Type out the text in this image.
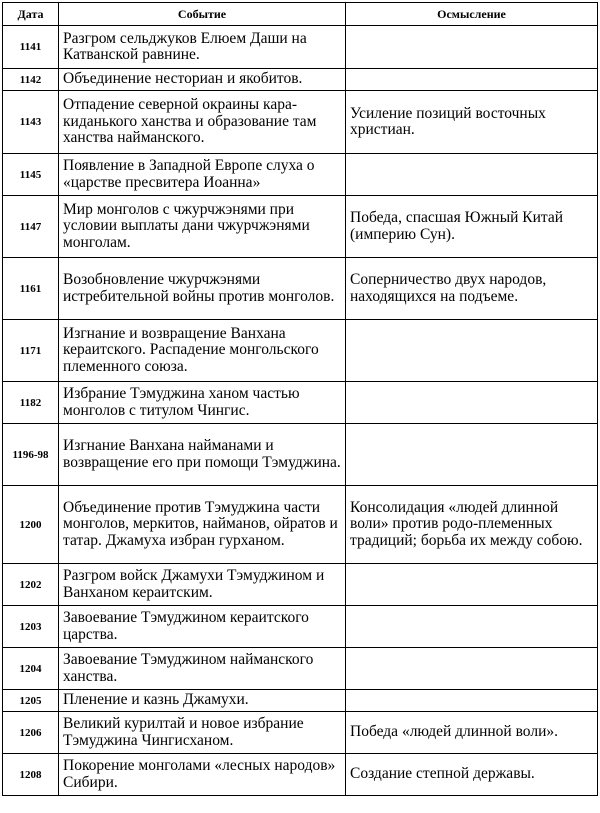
Дата	Событие	Осмысление
1141	Разгром сельджуков Елюем Даши на Катванской равнине.	
1142	Объединение несториан и якобитов.	
1143	Отпадение северной окраины кара-киданького ханства и образование там ханства найманского.	Усиление позиций восточных христиан.
1145	Появление в Западной Европе слуха о «царстве пресвитера Иоанна»	
1147	Мир монголов с чжурчжэнями при условии выплаты дани чжурчжэнями монголам.	Победа, спасшая Южный Китай (империю Сун).
1161	Возобновление чжурчжэнями истребительной войны против монголов.	Соперничество двух народов, находящихся на подъеме.
1171	Изгнание и возвращение Ванхана кераитского. Распадение монгольского племенного союза.	
1182	Избрание Тэмуджина ханом частью монголов с титулом Чингис.	
1196-98	Изгнание Ванхана найманами и возвращение его при помощи Тэмуджина.	
1200	Объединение против Тэмуджина части монголов, меркитов, найманов, ойратов и татар. Джамуха избран гурханом.	Консолидация «людей длинной воли» против родо-племенных традиций; борьба их между собою.
1202	Разгром войск Джамухи Тэмуджином и Ванханом кераитским.	
1203	Завоевание Тэмуджином кераитского царства.	
1204	Завоевание Тэмуджином найманского ханства.	
1205	Пленение и казнь Джамухи.	
1206	Великий курилтай и новое избрание Тэмуджина Чингисханом.	Победа «людей длинной воли».
1208	Покорение монголами «лесных народов» Сибири.	Создание степной державы.
